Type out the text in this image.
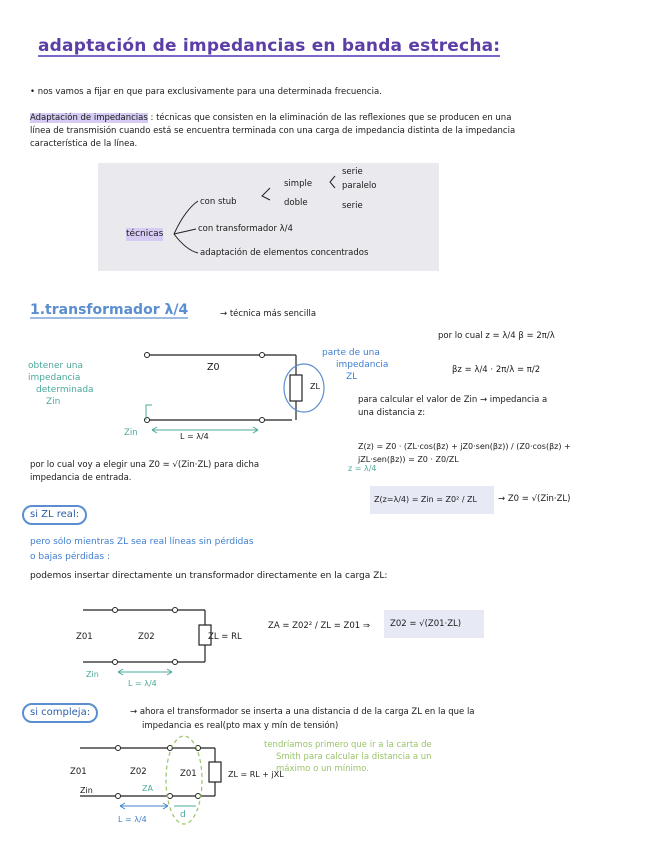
adaptación de impedancias en banda estrecha:
• nos vamos a fijar en que para exclusivamente para una determinada frecuencia.
Adaptación de impedancias : técnicas que consisten en la eliminación de las reflexiones que se producen en una
línea de transmisión cuando está se encuentra terminada con una carga de impedancia distinta de la impedancia
característica de la línea.
técnicas
con stub
simple
doble
serie
paralelo
serie
con transformador λ/4
adaptación de elementos concentrados
1.transformador λ/4	→ técnica más sencilla
obtener una
impedancia
determinada
Zin
parte de una
impedancia
ZL
Z0
ZL
Zin	L = λ/4
por lo cual z = λ/4 β = 2π/λ
βz = λ/4 · 2π/λ = π/2
para calcular el valor de Zin → impedancia a
una distancia z:
Z(z) = Z0 · (ZL·cos(βz) + jZ0·sen(βz)) / (Z0·cos(βz) + jZL·sen(βz)) = Z0 · Z0/ZL
z = λ/4
por lo cual voy a elegir una Z0 = √(Zin·ZL) para dicha
impedancia de entrada.
Z(z=λ/4) = Zin = Z0² / ZL → Z0 = √(Zin·ZL)
si ZL real:
pero sólo mientras ZL sea real líneas sin pérdidas
o bajas pérdidas :
podemos insertar directamente un transformador directamente en la carga ZL:
Z01	Z02	ZL = RL
Zin
L = λ/4
ZA = Z02² / ZL = Z01 ⇒ Z02 = √(Z01·ZL)
si compleja:	→ ahora el transformador se inserta a una distancia d de la carga ZL en la que la
impedancia es real(pto max y mín de tensión)
tendríamos primero que ir a la carta de
Smith para calcular la distancia a un
máximo o un mínimo.
Z01	Z02	Z01	ZL = RL + jXL
Zin	ZA
L = λ/4	d
